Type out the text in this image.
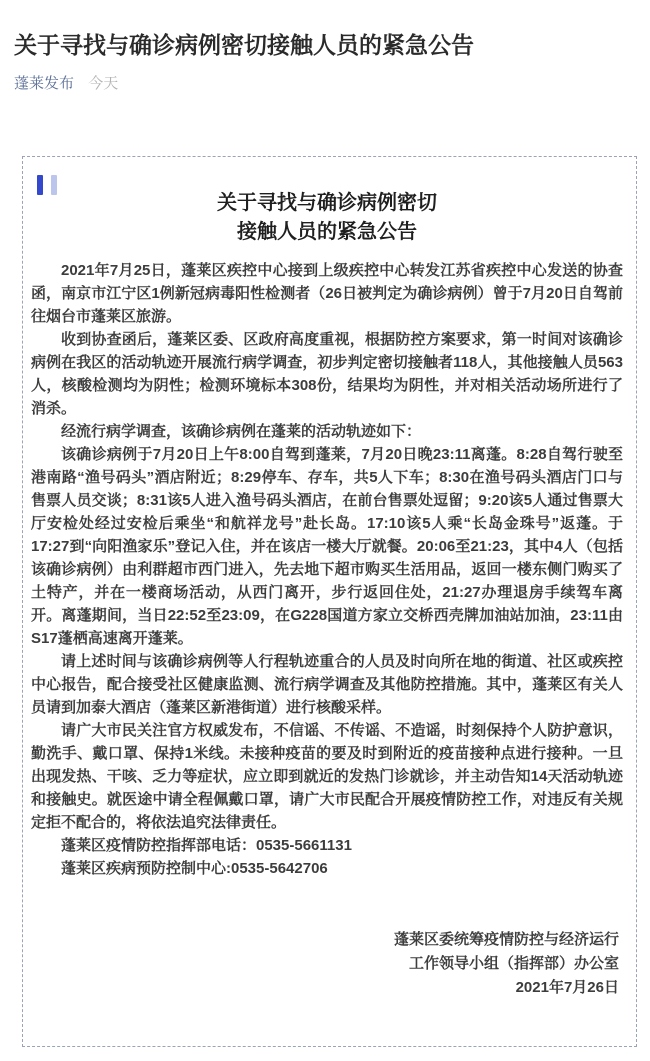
关于寻找与确诊病例密切接触人员的紧急公告
蓬莱发布 今天

关于寻找与确诊病例密切
接触人员的紧急公告

2021年7月25日，蓬莱区疾控中心接到上级疾控中心转发江苏省疾控中心发送的协查函，南京市江宁区1例新冠病毒阳性检测者（26日被判定为确诊病例）曾于7月20日自驾前往烟台市蓬莱区旅游。

收到协查函后，蓬莱区委、区政府高度重视，根据防控方案要求，第一时间对该确诊病例在我区的活动轨迹开展流行病学调查，初步判定密切接触者118人，其他接触人员563人，核酸检测均为阴性；检测环境标本308份，结果均为阴性，并对相关活动场所进行了消杀。

经流行病学调查，该确诊病例在蓬莱的活动轨迹如下：

该确诊病例于7月20日上午8:00自驾到蓬莱，7月20日晚23:11离蓬。8:28自驾行驶至港南路“渔号码头”酒店附近；8:29停车、存车，共5人下车；8:30在渔号码头酒店门口与售票人员交谈；8:31该5人进入渔号码头酒店，在前台售票处逗留；9:20该5人通过售票大厅安检处经过安检后乘坐“和航祥龙号”赴长岛。17:10该5人乘“长岛金珠号”返蓬。于17:27到“向阳渔家乐”登记入住，并在该店一楼大厅就餐。20:06至21:23，其中4人（包括该确诊病例）由利群超市西门进入，先去地下超市购买生活用品，返回一楼东侧门购买了土特产，并在一楼商场活动，从西门离开，步行返回住处，21:27办理退房手续驾车离开。离蓬期间，当日22:52至23:09，在G228国道方家立交桥西壳牌加油站加油，23:11由S17蓬栖高速离开蓬莱。

请上述时间与该确诊病例等人行程轨迹重合的人员及时向所在地的街道、社区或疾控中心报告，配合接受社区健康监测、流行病学调查及其他防控措施。其中，蓬莱区有关人员请到加泰大酒店（蓬莱区新港街道）进行核酸采样。

请广大市民关注官方权威发布，不信谣、不传谣、不造谣，时刻保持个人防护意识，勤洗手、戴口罩、保持1米线。未接种疫苗的要及时到附近的疫苗接种点进行接种。一旦出现发热、干咳、乏力等症状，应立即到就近的发热门诊就诊，并主动告知14天活动轨迹和接触史。就医途中请全程佩戴口罩，请广大市民配合开展疫情防控工作，对违反有关规定拒不配合的，将依法追究法律责任。

蓬莱区疫情防控指挥部电话：0535-5661131

蓬莱区疾病预防控制中心:0535-5642706

蓬莱区委统筹疫情防控与经济运行

工作领导小组（指挥部）办公室

2021年7月26日
